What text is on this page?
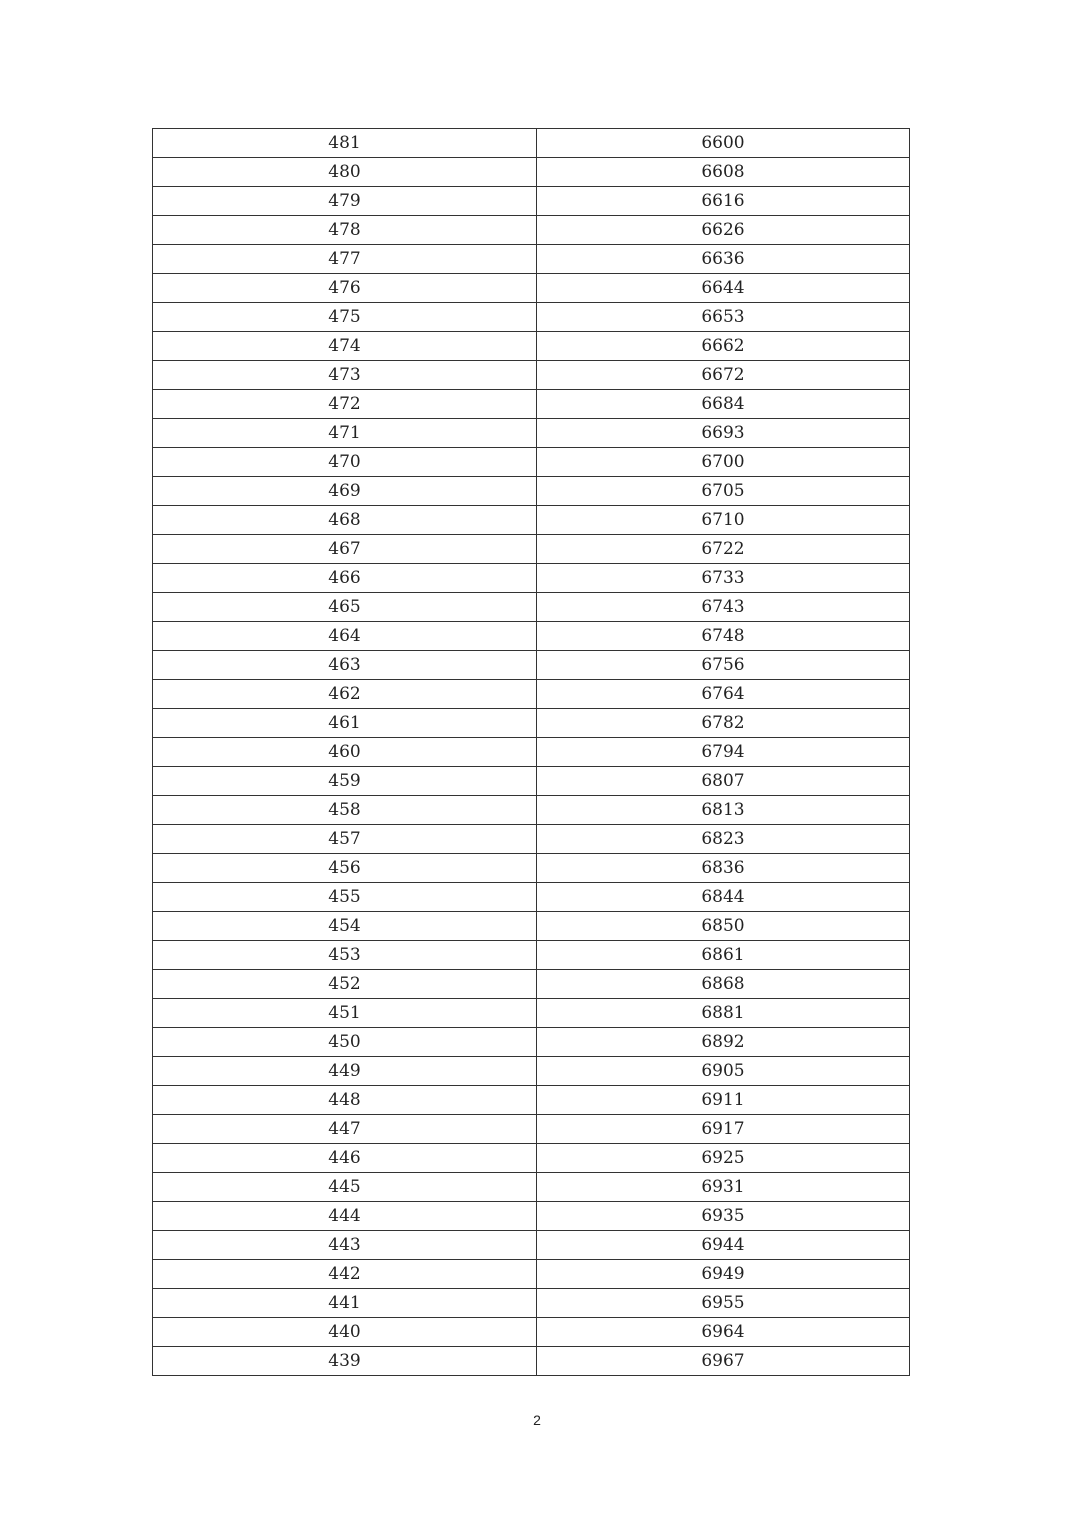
481	6600
480	6608
479	6616
478	6626
477	6636
476	6644
475	6653
474	6662
473	6672
472	6684
471	6693
470	6700
469	6705
468	6710
467	6722
466	6733
465	6743
464	6748
463	6756
462	6764
461	6782
460	6794
459	6807
458	6813
457	6823
456	6836
455	6844
454	6850
453	6861
452	6868
451	6881
450	6892
449	6905
448	6911
447	6917
446	6925
445	6931
444	6935
443	6944
442	6949
441	6955
440	6964
439	6967
2
